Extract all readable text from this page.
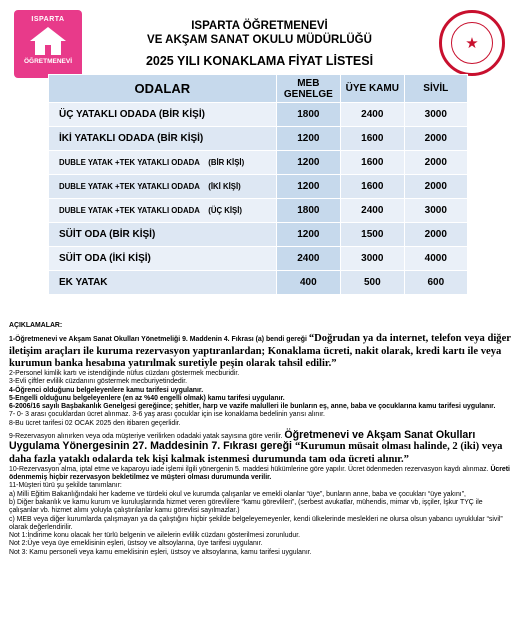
ISPARTA
ÖĞRETMENEVİ
ISPARTA ÖĞRETMENEVİ
VE AKŞAM SANAT OKULU MÜDÜRLÜĞÜ
2025 YILI KONAKLAMA FİYAT LİSTESİ
★
ODALAR	MEB GENELGE	ÜYE KAMU	SİVİL
ÜÇ YATAKLI ODADA (BİR KİŞİ)	1800	2400	3000
İKİ YATAKLI ODADA (BİR KİŞİ)	1200	1600	2000
DUBLE YATAK +TEK YATAKLI ODADA    (BİR KİŞİ)	1200	1600	2000
DUBLE YATAK +TEK YATAKLI ODADA    (İKİ KİŞİ)	1200	1600	2000
DUBLE YATAK +TEK YATAKLI ODADA    (ÜÇ KİŞİ)	1800	2400	3000
SÜİT ODA (BİR KİŞİ)	1200	1500	2000
SÜİT ODA (İKİ KİŞİ)	2400	3000	4000
EK YATAK	400	500	600

AÇIKLAMALAR:

1-Öğretmenevi ve Akşam Sanat Okulları Yönetmeliği 9. Maddenin 4. Fıkrası (a) bendi gereği “Doğrudan ya da internet, telefon veya diğer iletişim araçları ile kuruma rezervasyon yaptıranlardan; Konaklama ücreti, nakit olarak, kredi kartı ile veya kurumun banka hesabına yatırılmak suretiyle peşin olarak tahsil edilir.”

2-Personel kimlik kartı ve istendiğinde nüfus cüzdanı göstermek mecburidir.

3-Evli çiftler evlilik cüzdanını göstermek mecburiyetindedir.

4-Öğrenci olduğunu belgeleyenlere kamu tarifesi uygulanır.

5-Engelli olduğunu belgeleyenlere (en az %40 engelli olmak) kamu tarifesi uygulanır.

6-2006/16 sayılı Başbakanlık Genelgesi gereğince; şehitler, harp ve vazife malulleri ile bunların eş, anne, baba ve çocuklarına kamu tarifesi uygulanır.

7- 0- 3 arası çocuklardan ücret alınmaz. 3-6 yaş arası çocuklar için ise konaklama bedelinin yarısı alınır.

8-Bu ücret tarifesi 02 OCAK 2025 den itibaren geçerlidir.

9-Rezervasyon alınırken veya oda müşteriye verilirken odadaki yatak sayısına göre verilir. Öğretmenevi ve Akşam Sanat Okulları Uygulama Yönergesinin 27. Maddesinin 7. Fıkrası gereği “Kurumun müsait olması halinde, 2 (iki) veya daha fazla yataklı odalarda tek kişi kalmak istenmesi durumunda tam oda ücreti alınır.”

10-Rezervasyon alma, iptal etme ve kaparoyu iade işlemi ilgili yönergenin 5. maddesi hükümlerine göre yapılır. Ücret ödenmeden rezervasyon kaydı alınmaz. Ücreti ödenmemiş hiçbir rezervasyon bekletilmez ve müşteri olması durumunda verilir.

11-Müşteri türü şu şekilde tanımlanır:

a) Milli Eğitim Bakanlığındaki her kademe ve türdeki okul ve kurumda çalışanlar ve emekli olanlar “üye”, bunların anne, baba ve çocukları “üye yakını”,

b) Diğer bakanlık ve kamu kurum ve kuruluşlarında hizmet veren görevlilere “kamu görevlileri”, (serbest avukatlar, mühendis, mimar vb, işçiler, İşkur TYÇ ile çalışanlar vb. hizmet alımı yoluyla çalıştırılanlar kamu görevlisi sayılmazlar.)

c) MEB veya diğer kurumlarda çalışmayan ya da çalıştığını hiçbir şekilde belgeleyemeyenler, kendi ülkelerinde meslekleri ne olursa olsun yabancı uyruklular “sivil” olarak değerlendirilir.

Not 1:İndirime konu olacak her türlü belgenin ve ailelerin evlilik cüzdanı gösterilmesi zorunludur.

Not 2:Üye veya üye emeklisinin eşleri, üstsoy ve altsoylarına, üye tarifesi uygulanır.

Not 3: Kamu personeli veya kamu emeklisinin eşleri, üstsoy ve altsoylarına, kamu tarifesi uygulanır.
